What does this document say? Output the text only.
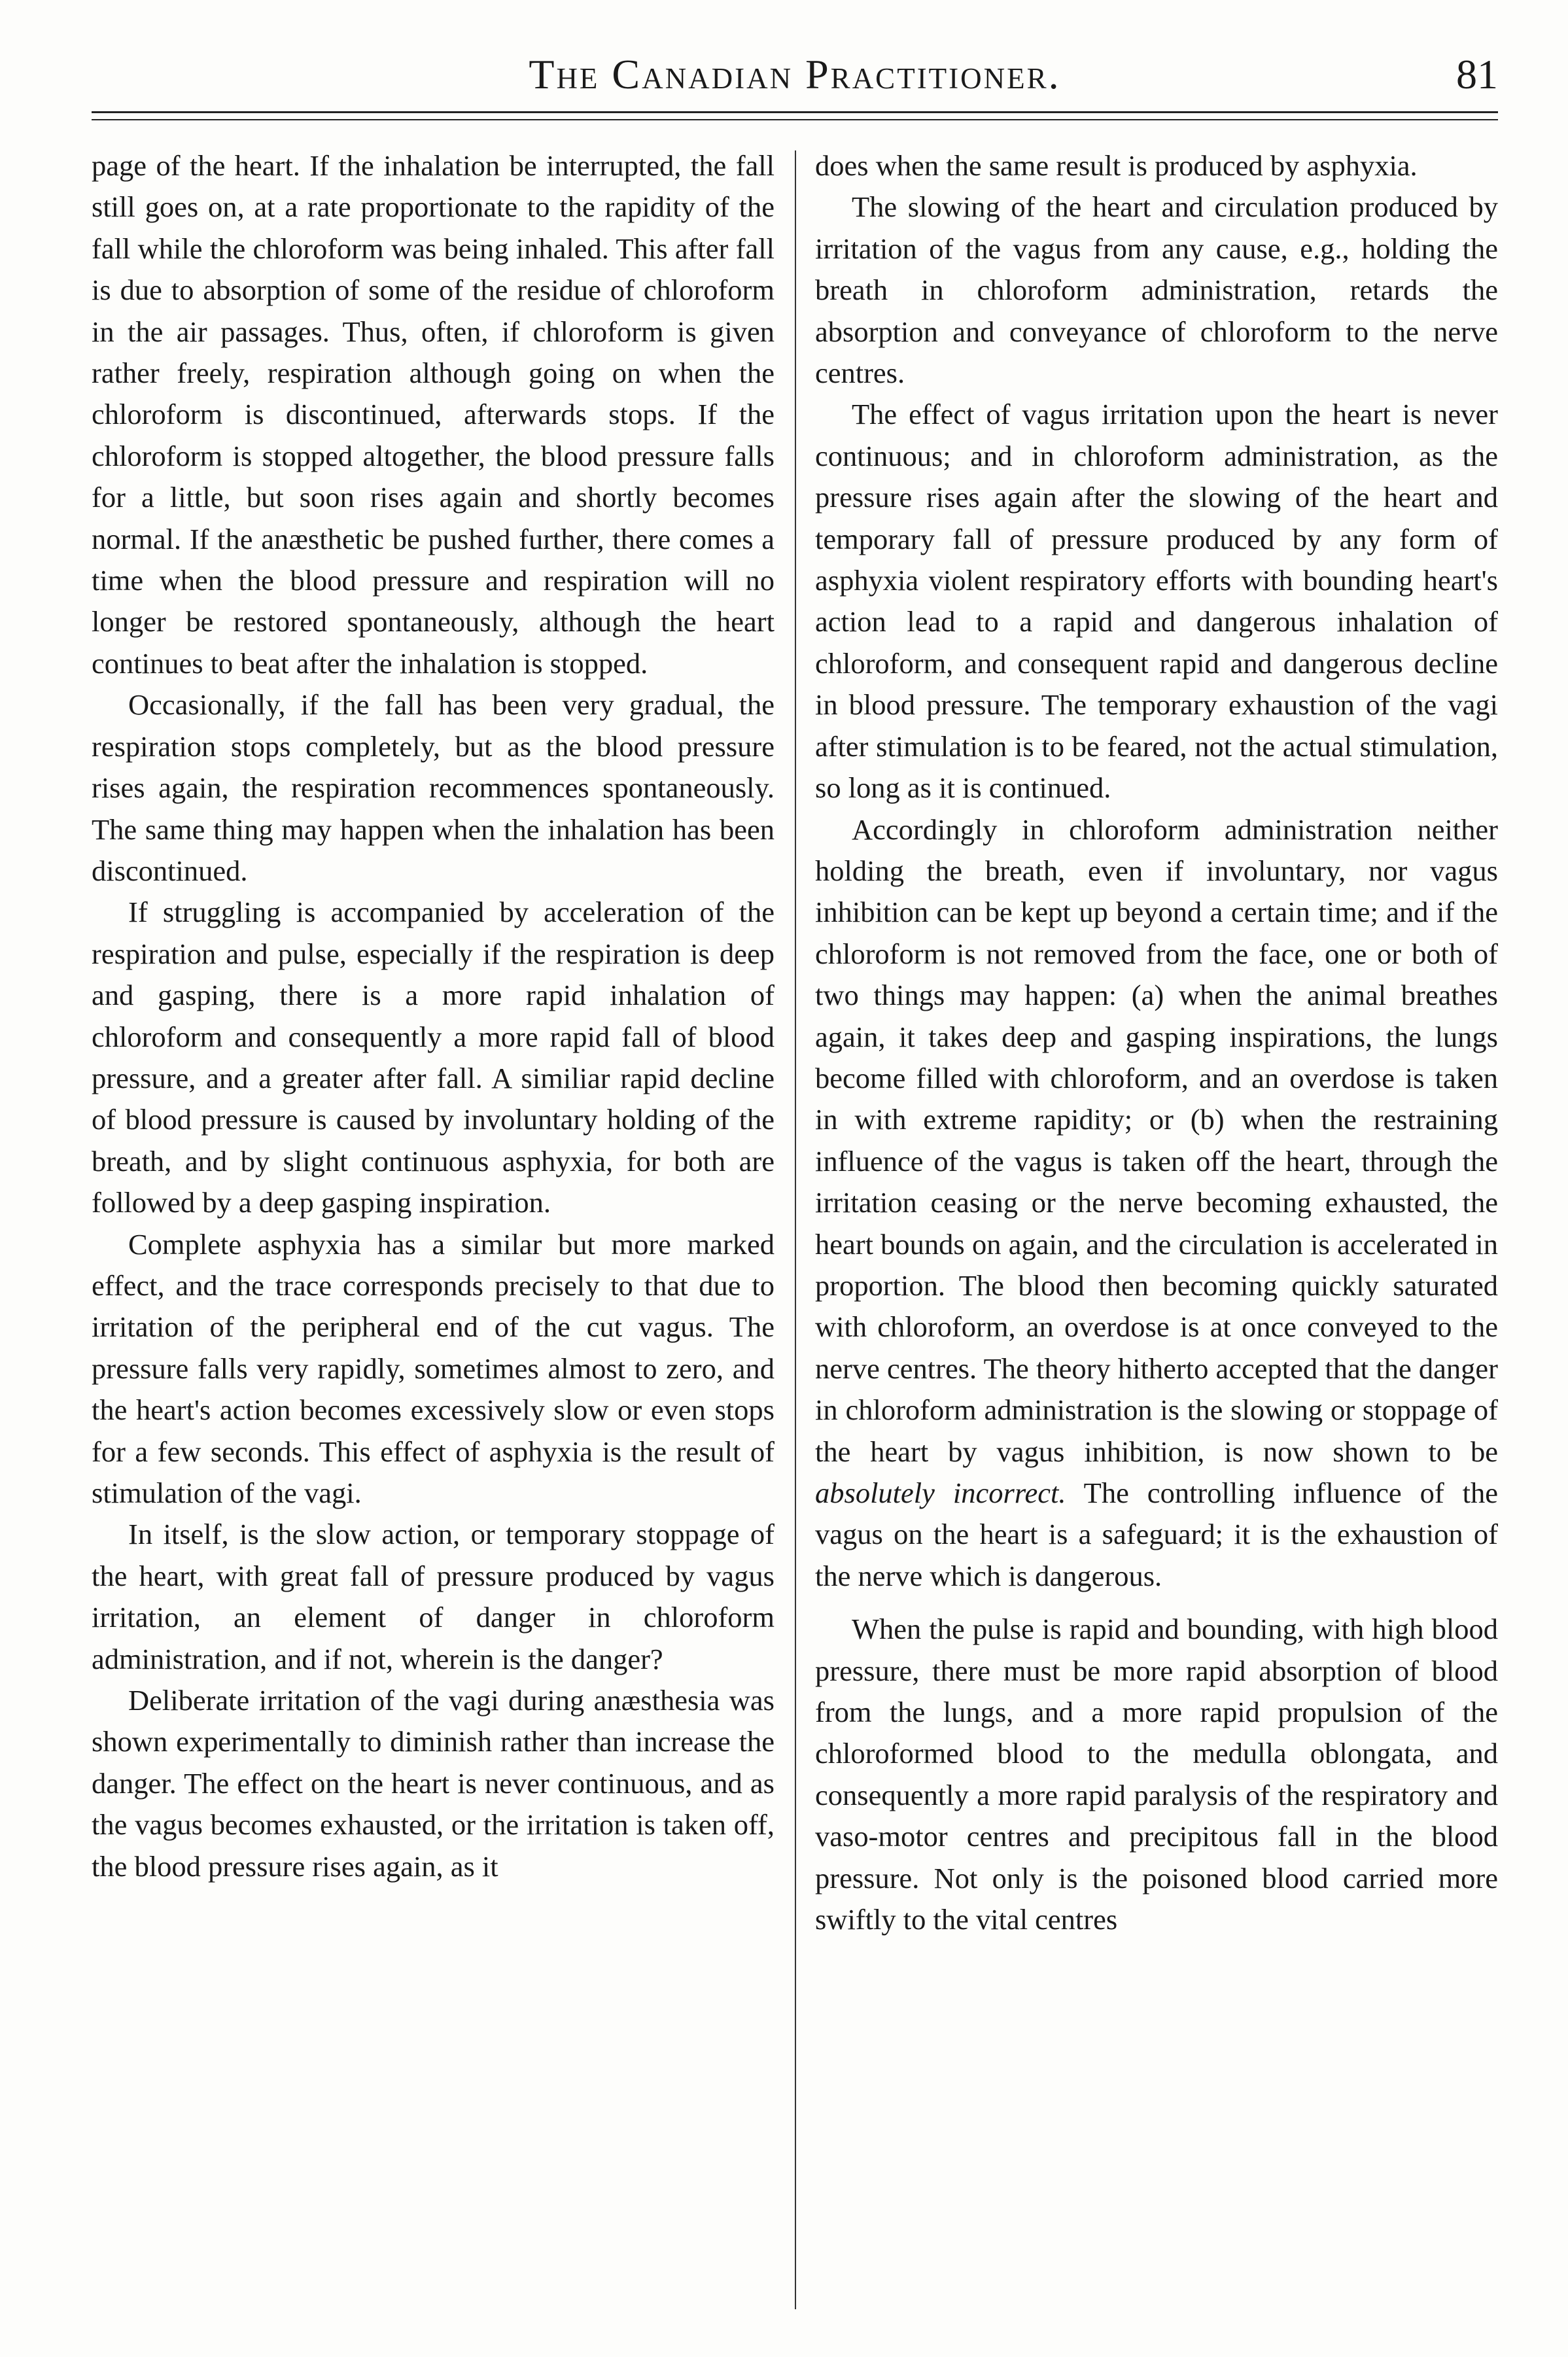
The Canadian Practitioner.	81

page of the heart. If the inhalation be interrupted, the fall still goes on, at a rate proportionate to the rapidity of the fall while the chloroform was being inhaled. This after fall is due to absorption of some of the residue of chloroform in the air passages. Thus, often, if chloroform is given rather freely, respiration although going on when the chloroform is discontinued, afterwards stops. If the chloroform is stopped altogether, the blood pressure falls for a little, but soon rises again and shortly becomes normal. If the anæsthetic be pushed further, there comes a time when the blood pressure and respiration will no longer be restored spontaneously, although the heart continues to beat after the inhalation is stopped.

Occasionally, if the fall has been very gradual, the respiration stops completely, but as the blood pressure rises again, the respiration recommences spontaneously. The same thing may happen when the inhalation has been discontinued.

If struggling is accompanied by acceleration of the respiration and pulse, especially if the respiration is deep and gasping, there is a more rapid inhalation of chloroform and consequently a more rapid fall of blood pressure, and a greater after fall. A similiar rapid decline of blood pressure is caused by involuntary holding of the breath, and by slight continuous asphyxia, for both are followed by a deep gasping inspiration.

Complete asphyxia has a similar but more marked effect, and the trace corresponds precisely to that due to irritation of the peripheral end of the cut vagus. The pressure falls very rapidly, sometimes almost to zero, and the heart's action becomes excessively slow or even stops for a few seconds. This effect of asphyxia is the result of stimulation of the vagi.

In itself, is the slow action, or temporary stoppage of the heart, with great fall of pressure produced by vagus irritation, an element of danger in chloroform administration, and if not, wherein is the danger?

Deliberate irritation of the vagi during anæsthesia was shown experimentally to diminish rather than increase the danger. The effect on the heart is never continuous, and as the vagus becomes exhausted, or the irritation is taken off, the blood pressure rises again, as it

does when the same result is produced by asphyxia.

The slowing of the heart and circulation produced by irritation of the vagus from any cause, e.g., holding the breath in chloroform administration, retards the absorption and conveyance of chloroform to the nerve centres.

The effect of vagus irritation upon the heart is never continuous; and in chloroform administration, as the pressure rises again after the slowing of the heart and temporary fall of pressure produced by any form of asphyxia violent respiratory efforts with bounding heart's action lead to a rapid and dangerous inhalation of chloroform, and consequent rapid and dangerous decline in blood pressure. The temporary exhaustion of the vagi after stimulation is to be feared, not the actual stimulation, so long as it is continued.

Accordingly in chloroform administration neither holding the breath, even if involuntary, nor vagus inhibition can be kept up beyond a certain time; and if the chloroform is not removed from the face, one or both of two things may happen: (a) when the animal breathes again, it takes deep and gasping inspirations, the lungs become filled with chloroform, and an overdose is taken in with extreme rapidity; or (b) when the restraining influence of the vagus is taken off the heart, through the irritation ceasing or the nerve becoming exhausted, the heart bounds on again, and the circulation is accelerated in proportion. The blood then becoming quickly saturated with chloroform, an overdose is at once conveyed to the nerve centres. The theory hitherto accepted that the danger in chloroform administration is the slowing or stoppage of the heart by vagus inhibition, is now shown to be absolutely incorrect. The controlling influence of the vagus on the heart is a safeguard; it is the exhaustion of the nerve which is dangerous.

When the pulse is rapid and bounding, with high blood pressure, there must be more rapid absorption of blood from the lungs, and a more rapid propulsion of the chloroformed blood to the medulla oblongata, and consequently a more rapid paralysis of the respiratory and vaso-motor centres and precipitous fall in the blood pressure. Not only is the poisoned blood carried more swiftly to the vital centres
